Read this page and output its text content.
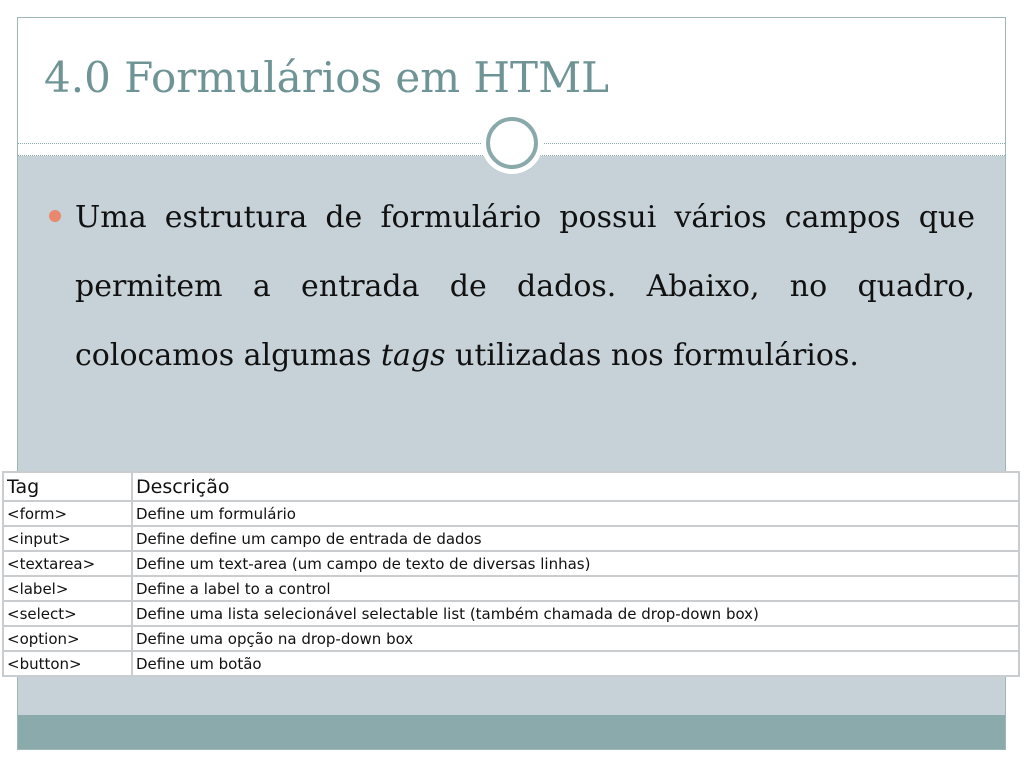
4.0 Formulários em HTML

Uma estrutura de formulário possui vários campos que permitem a entrada de dados. Abaixo, no quadro, colocamos algumas tags utilizadas nos formulários.

Tag	Descrição
<form>	Define um formulário
<input>	Define define um campo de entrada de dados
<textarea>	Define um text-area (um campo de texto de diversas linhas)
<label>	Define a label to a control
<select>	Define uma lista selecionável selectable list (também chamada de drop-down box)
<option>	Define uma opção na drop-down box
<button>	Define um botão
